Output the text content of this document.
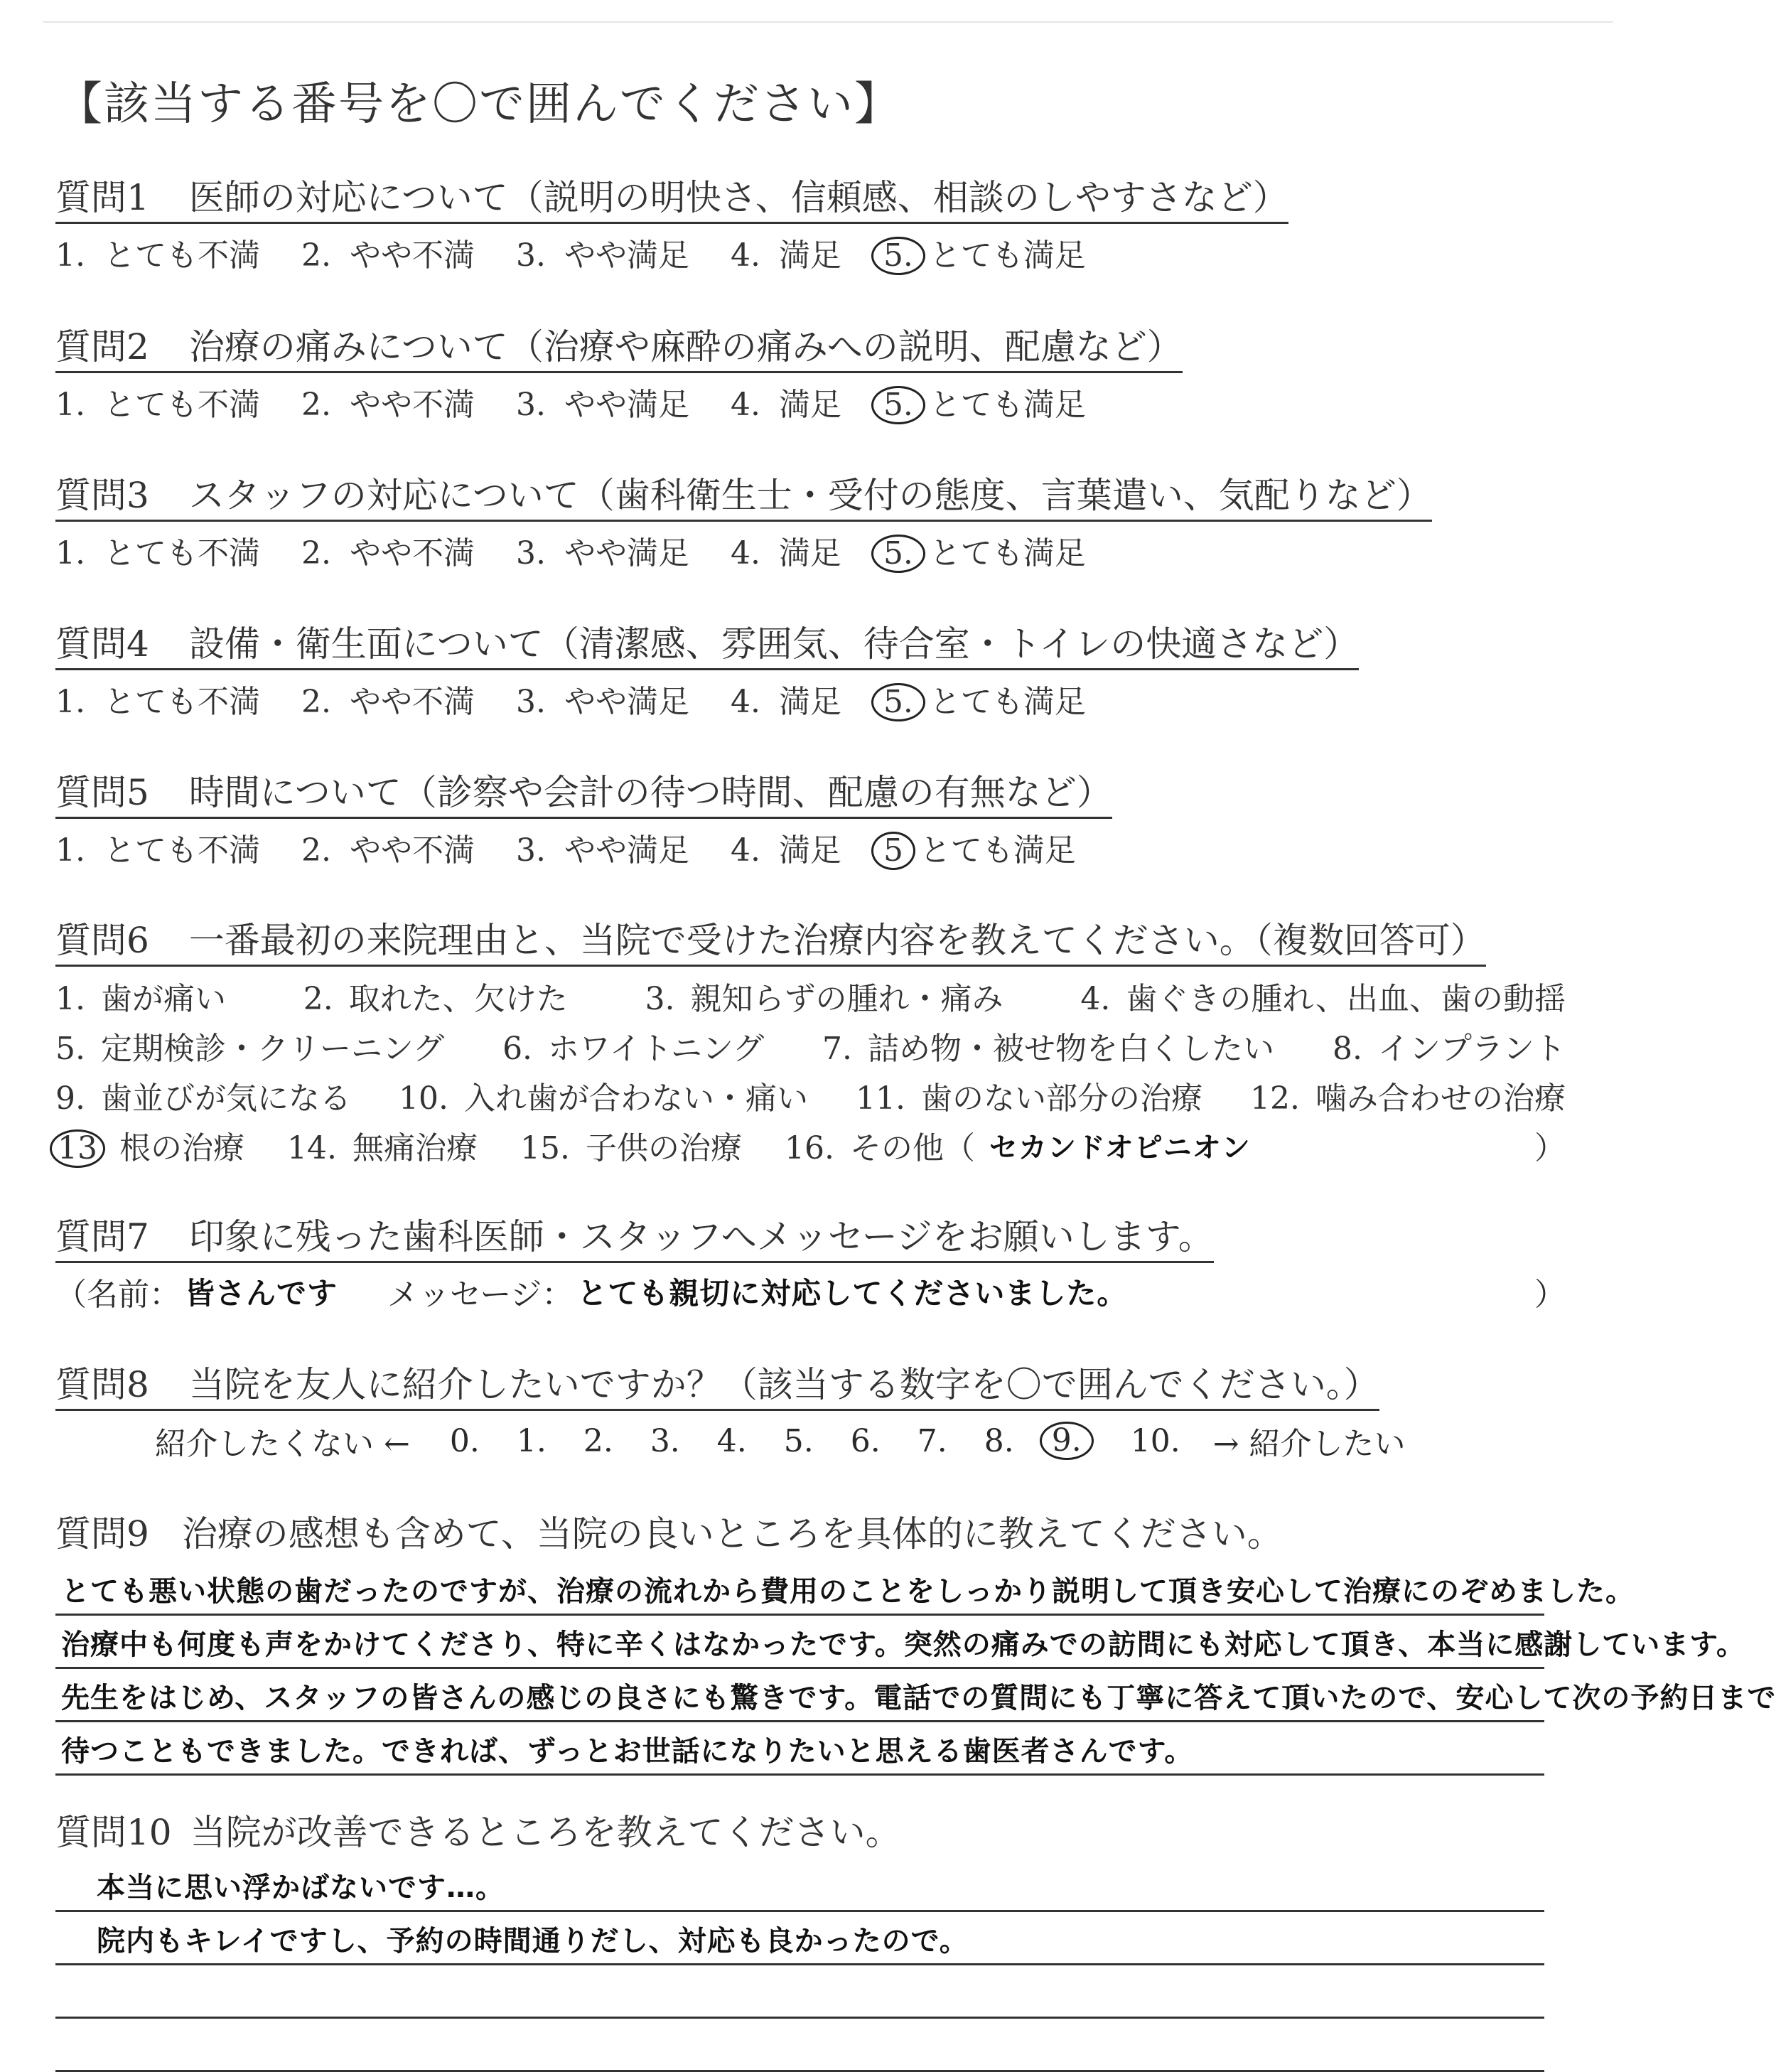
【該当する番号を〇で囲んでください】
質問1 医師の対応について（説明の明快さ、信頼感、相談のしやすさなど）
1. とても不満 2. やや不満 3. やや満足 4. 満足 5. とても満足
質問2 治療の痛みについて（治療や麻酔の痛みへの説明、配慮など）
1. とても不満 2. やや不満 3. やや満足 4. 満足 5. とても満足
質問3 スタッフの対応について（歯科衛生士・受付の態度、言葉遣い、気配りなど）
1. とても不満 2. やや不満 3. やや満足 4. 満足 5. とても満足
質問4 設備・衛生面について（清潔感、雰囲気、待合室・トイレの快適さなど）
1. とても不満 2. やや不満 3. やや満足 4. 満足 5. とても満足
質問5 時間について（診察や会計の待つ時間、配慮の有無など）
1. とても不満 2. やや不満 3. やや満足 4. 満足 5 とても満足
質問6 一番最初の来院理由と、当院で受けた治療内容を教えてください。（複数回答可）
1. 歯が痛い 2. 取れた、欠けた 3. 親知らずの腫れ・痛み 4. 歯ぐきの腫れ、出血、歯の動揺
5. 定期検診・クリーニング 6. ホワイトニング 7. 詰め物・被せ物を白くしたい 8. インプラント
9. 歯並びが気になる 10. 入れ歯が合わない・痛い 11. 歯のない部分の治療 12. 噛み合わせの治療
13 根の治療 14. 無痛治療 15. 子供の治療 16. その他（ セカンドオピニオン	）
質問7 印象に残った歯科医師・スタッフへメッセージをお願いします。
（名前： 皆さんです メッセージ： とても親切に対応してくださいました。	）
質問8 当院を友人に紹介したいですか？（該当する数字を〇で囲んでください。）
紹介したくない ← 0. 1. 2. 3. 4. 5. 6. 7. 8.	9.	10. → 紹介したい
質問9 治療の感想も含めて、当院の良いところを具体的に教えてください。
とても悪い状態の歯だったのですが、治療の流れから費用のことをしっかり説明して頂き安心して治療にのぞめました。
治療中も何度も声をかけてくださり、特に辛くはなかったです。突然の痛みでの訪問にも対応して頂き、本当に感謝しています。
先生をはじめ、スタッフの皆さんの感じの良さにも驚きです。電話での質問にも丁寧に答えて頂いたので、安心して次の予約日まで
待つこともできました。できれば、ずっとお世話になりたいと思える歯医者さんです。
質問10 当院が改善できるところを教えてください。
本当に思い浮かばないです…。
院内もキレイですし、予約の時間通りだし、対応も良かったので。
